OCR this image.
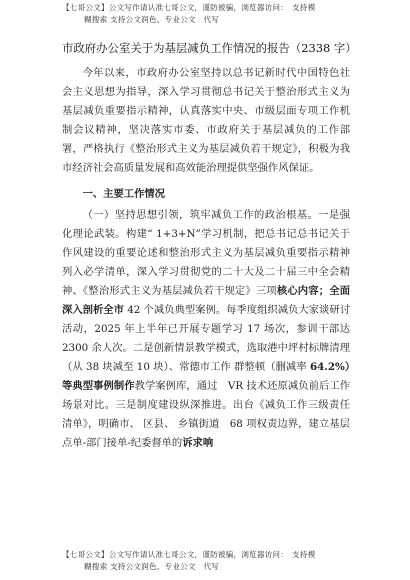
【七哥公文】公文写作请认准七哥公文，谨防被骗，浏览器访问：　支持模
糊搜索 支持公文润色、专业公文　代写
市政府办公室关于为基层减负工作情况的报告（2338 字）

今年以来，市政府办公室坚持以总书记新时代中国特色社会主义思想为指导，深入学习贯彻总书记关于整治形式主义为基层减负重要指示精神，认真落实中央、市级层面专项工作机制会议精神，坚决落实市委、市政府关于基层减负的工作部署，严格执行《整治形式主义为基层减负若干规定》，积极为我市经济社会高质量发展和高效能治理提供坚强作风保证。

一、主要工作情况

（一）坚持思想引领，筑牢减负工作的政治根基。一是强化理论武装。构建“ 1+3+N”学习机制，把总书记总书记关于作风建设的重要论述和整治形式主义为基层减负重要指示精神列入必学清单，深入学习贯彻党的二十大及二十届三中全会精神、《整治形式主义为基层减负若干规定》三项核心内容；全面深入剖析全市 42 个减负典型案例。每季度组织减负大家谈研讨活动，2025 年上半年已开展专题学习 17 场次，参训干部达 2300 余人次。二是创新情景教学模式，选取港中坪村标牌清理（从 38 块减至 10 块）、常德市工作 群整顿（删减率 64.2%）等典型事例制作教学案例库，通过　VR 技术还原减负前后工作场景对比。三是制度建设纵深推进。出台《减负工作三级责任清单》，明确市、 区县、 乡镇街道　68 项权责边界，建立基层点单-部门接单-纪委督单的诉求响

【七哥公文】公文写作请认准七哥公文，谨防被骗，浏览器访问：　支持模
糊搜索 支持公文润色、专业公文　代写
